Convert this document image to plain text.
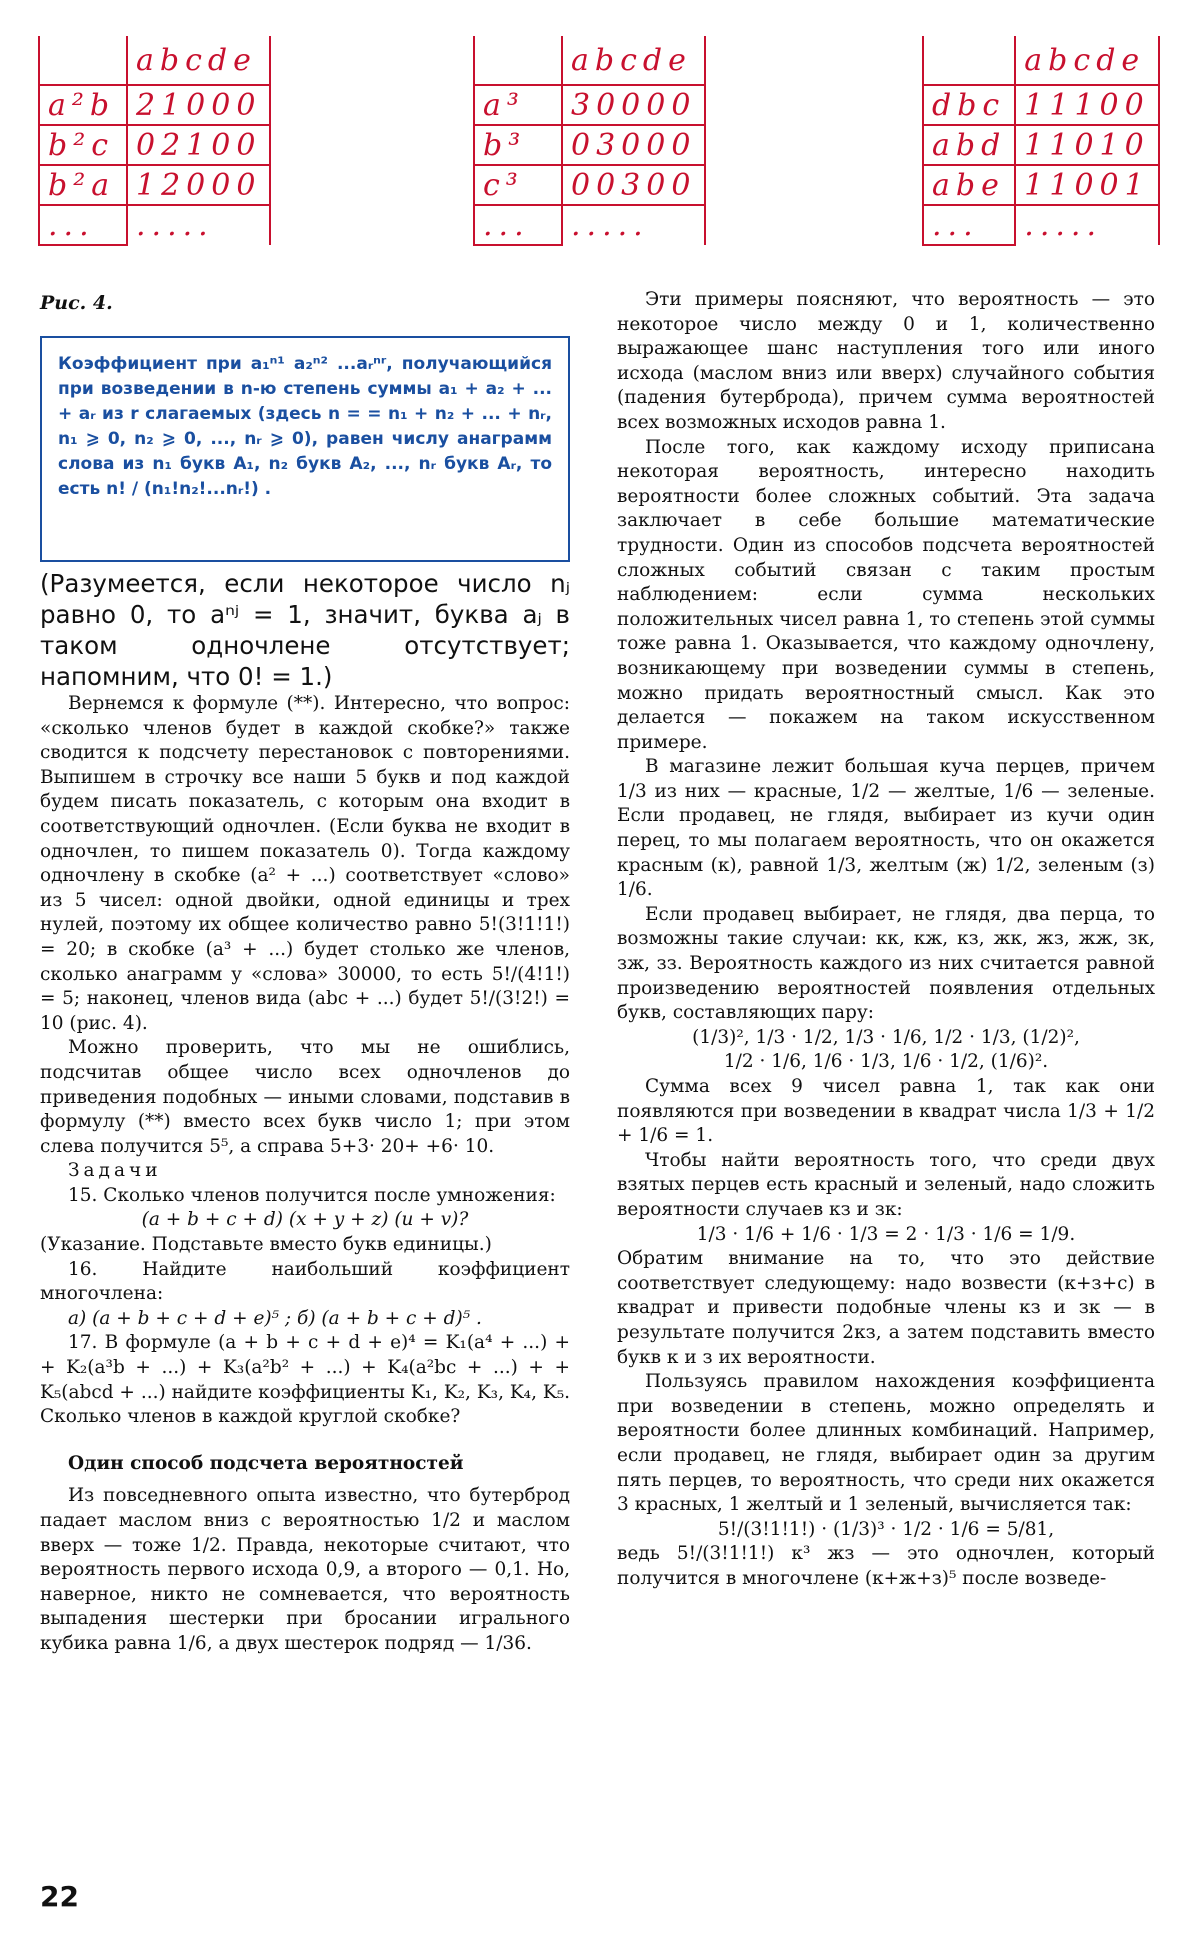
	abcde
a²b	21000
b²c	02100
b²a	12000
...	.....
	abcde
a³	30000
b³	03000
c³	00300
...	.....
	abcde
dbc	11100
abd	11010
abe	11001
...	.....
Рис. 4.
Коэффициент при a₁ⁿ¹ a₂ⁿ² ...aᵣⁿʳ, получающийся при возведении в n-ю степень суммы a₁ + a₂ + ... + aᵣ из r слагаемых (здесь n = = n₁ + n₂ + ... + nᵣ, n₁ ⩾ 0, n₂ ⩾ 0, ..., nᵣ ⩾ 0), равен числу анаграмм слова из n₁ букв A₁, n₂ букв A₂, ..., nᵣ букв Aᵣ, то есть n! / (n₁!n₂!...nᵣ!) .

(Разумеется, если некоторое число nⱼ равно 0, то aⁿʲ = 1, значит, буква aⱼ в таком одночлене отсутствует; напомним, что 0! = 1.)

Вернемся к формуле (**). Интересно, что вопрос: «сколько членов будет в каждой скобке?» также сводится к подсчету перестановок с повторениями. Выпишем в строчку все наши 5 букв и под каждой будем писать показатель, с которым она входит в соответствующий одночлен. (Если буква не входит в одночлен, то пишем показатель 0). Тогда каждому одночлену в скобке (a² + ...) соответствует «слово» из 5 чисел: одной двойки, одной единицы и трех нулей, поэтому их общее количество равно 5!(3!1!1!) = 20; в скобке (a³ + ...) будет столько же членов, сколько анаграмм у «слова» 30000, то есть 5!/(4!1!) = 5; наконец, членов вида (abc + ...) будет 5!/(3!2!) = 10 (рис. 4).

Можно проверить, что мы не ошиблись, подсчитав общее число всех одночленов до приведения подобных — иными словами, подставив в формулу (**) вместо всех букв число 1; при этом слева получится 5⁵, а справа 5+3· 20+ +6· 10.

Задачи

15. Сколько членов получится после умножения:

(a + b + c + d) (x + y + z) (u + v)?

(Указание. Подставьте вместо букв единицы.)

16. Найдите наибольший коэффициент многочлена:

а) (a + b + c + d + e)⁵ ; б) (a + b + c + d)⁵ .

17. В формуле (a + b + c + d + e)⁴ = K₁(a⁴ + ...) + + K₂(a³b + ...) + K₃(a²b² + ...) + K₄(a²bc + ...) + + K₅(abcd + ...) найдите коэффициенты K₁, K₂, K₃, K₄, K₅. Сколько членов в каждой круглой скобке?

Один способ подсчета вероятностей

Из повседневного опыта известно, что бутерброд падает маслом вниз с вероятностью 1/2 и маслом вверх — тоже 1/2. Правда, некоторые считают, что вероятность первого исхода 0,9, а второго — 0,1. Но, наверное, никто не сомневается, что вероятность выпадения шестерки при бросании игрального кубика равна 1/6, а двух шестерок подряд — 1/36.

Эти примеры поясняют, что вероятность — это некоторое число между 0 и 1, количественно выражающее шанс наступления того или иного исхода (маслом вниз или вверх) случайного события (падения бутерброда), причем сумма вероятностей всех возможных исходов равна 1.

После того, как каждому исходу приписана некоторая вероятность, интересно находить вероятности более сложных событий. Эта задача заключает в себе большие математические трудности. Один из способов подсчета вероятностей сложных событий связан с таким простым наблюдением: если сумма нескольких положительных чисел равна 1, то степень этой суммы тоже равна 1. Оказывается, что каждому одночлену, возникающему при возведении суммы в степень, можно придать вероятностный смысл. Как это делается — покажем на таком искусственном примере.

В магазине лежит большая куча перцев, причем 1/3 из них — красные, 1/2 — желтые, 1/6 — зеленые. Если продавец, не глядя, выбирает из кучи один перец, то мы полагаем вероятность, что он окажется красным (к), равной 1/3, желтым (ж) 1/2, зеленым (з) 1/6.

Если продавец выбирает, не глядя, два перца, то возможны такие случаи: кк, кж, кз, жк, жз, жж, зк, зж, зз. Вероятность каждого из них считается равной произведению вероятностей появления отдельных букв, составляющих пару:

(1/3)², 1/3 · 1/2, 1/3 · 1/6, 1/2 · 1/3, (1/2)²,

1/2 · 1/6, 1/6 · 1/3, 1/6 · 1/2, (1/6)².

Сумма всех 9 чисел равна 1, так как они появляются при возведении в квадрат числа 1/3 + 1/2 + 1/6 = 1.

Чтобы найти вероятность того, что среди двух взятых перцев есть красный и зеленый, надо сложить вероятности случаев кз и зк:

1/3 · 1/6 + 1/6 · 1/3 = 2 · 1/3 · 1/6 = 1/9.

Обратим внимание на то, что это действие соответствует следующему: надо возвести (к+з+с) в квадрат и привести подобные члены кз и зк — в результате получится 2кз, а затем подставить вместо букв к и з их вероятности.

Пользуясь правилом нахождения коэффициента при возведении в степень, можно определять и вероятности более длинных комбинаций. Например, если продавец, не глядя, выбирает один за другим пять перцев, то вероятность, что среди них окажется 3 красных, 1 желтый и 1 зеленый, вычисляется так:

5!/(3!1!1!) · (1/3)³ · 1/2 · 1/6 = 5/81,

ведь 5!/(3!1!1!) к³ жз — это одночлен, который получится в многочлене (к+ж+з)⁵ после возведе-

22
